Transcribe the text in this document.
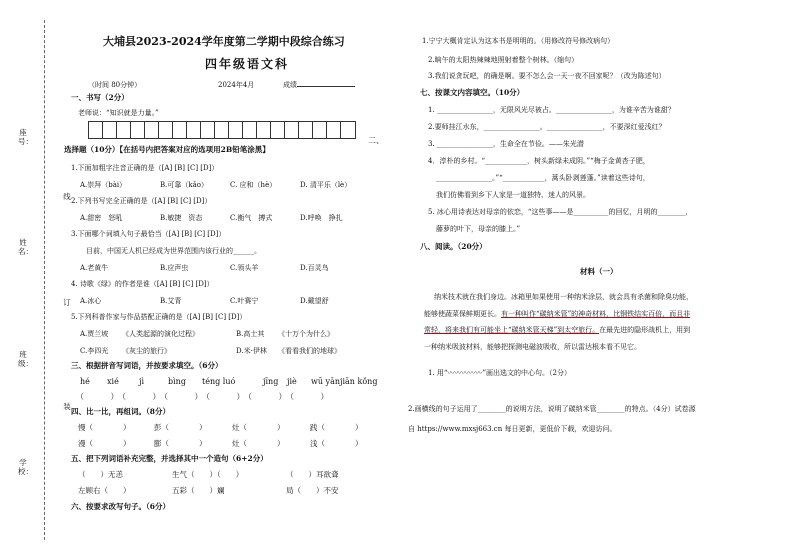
座号：
姓名：
班级：
学校：
线
订
装
二、
大埔县2023-2024学年度第二学期中段综合练习
四年级语文科
（时间 80分钟）	2024年4月	成绩
一、书写（2分）
老师说：“知识就是力量。”
选择题（10分）【在括号内把答案对应的选项用2B铅笔涂黑】
1.下面加粗字注音正确的是（[A] [B] [C] [D]）
A.崇拜（bài）	B.可靠（kǎo）	C. 应和（hè）	D. 清平乐（lè）
2.下列书写完全正确的是（[A] [B] [C] [D]）
A.甜密　怒吼	B.敏捷　资态	C.衡气　搏式	D.呼唤　挣扎
3.下面哪个词填入句子最恰当（[A] [B] [C] [D]）
目前，中国无人机已经成为世界范围内该行业的______。
A.老黄牛	B.应声虫	C.领头羊	D.百灵鸟
4. 诗歌《绿》的作者是谁（[A] [B] [C] [D]）
A.冰心	B.艾青	C.叶赛宁	D.戴望舒
5.下列科普作家与作品搭配正确的是（[A] [B] [C] [D]）
A.贾兰坡 《人类起源的演化过程》	B.高士其 《十万个为什么》
C.李四光 《灰尘的旅行》	D.米·伊林 《看看我们的地球》
三、根据拼音写词语，并按要求填空。（6分）
hé xié	jì	bìng téng luó	jīng jiè wū yān jiān kǒng
（　　）（　　）（　　）（　　）（　　）（　　）
四、比一比，再组词。（8分）
慢（　　　　）	彭（　　　　）	灶（　　　　）	践（　　　　）
漫（　　　　）	膨（　　　　）	灶（　　　　）	浅（　　　　）
五、把下列词语补充完整，并选择其中一个造句（6+2分）
（　　）无恙	生气（　　）（　　）	（　　）耳欲聋
左顾右（　　）	五彩（　　）斓	局（　　）不安
六、按要求改写句子。（6分）
1.宁宁大概肯定认为这本书是明明的。（用修改符号修改病句）
2.晌午的太阳热辣辣地照射着整个树林。（缩句）
3.我们说贪玩吧，的确是啊。要不怎么会一天一夜不回家呢？（改为陈述句）
七、按课文内容填空。（10分）
1. ________________，无限风光尽被占。________________，为谁辛苦为谁甜？
2.要师挂江水东，________________。________________，不要深红爱浅红？
3. ________________，生命全在节俭。——朱光潜
4．淳朴的乡村。“____________，树头新绿未成阴。”“梅子金黄杏子肥，
________________。”“____________，蒿头卧剥莲蓬。”读着这些诗句，
我们仿佛看到乡下人家是一道独特、迷人的风景。
5. 冰心用诗表达对母亲的依恋，“这些事——是__________的回忆，月明的________，
藤萝的叶下，母亲的膝上。”
八、阅读。（20分）
材料（一）
纳米技术就在我们身边。冰箱里如果使用一种纳米涂层，就会具有杀菌和除臭功能，
能够使蔬菜保鲜期更长。有一种叫作“碳纳米管”的神奇材料，比钢铁结实百倍，而且非
常轻，将来我们有可能坐上“碳纳米管天梯”到太空旅行。在最先进的隐形战机上，用到
一种纳米吸波材料，能够把探测电磁波吸收，所以雷达根本看不见它。
1. 用“〰〰〰〰〰”画出选文的中心句。（2分）
2.画横线的句子运用了________的说明方法，说明了碳纳米管________的特点。（4分）试卷源
自 https://www.mxsj663.cn 每日更新，更低价下载，欢迎访问。
